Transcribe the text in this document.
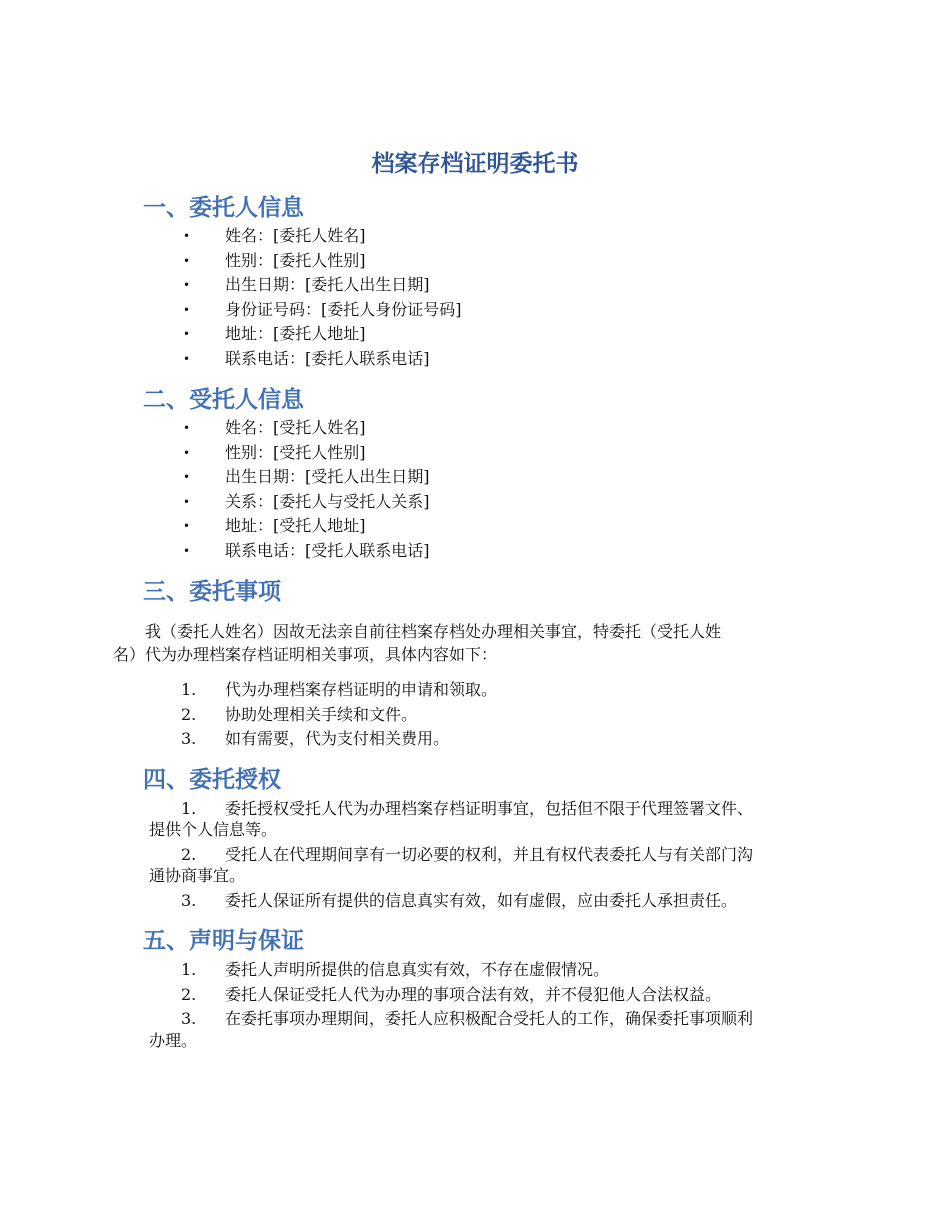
档案存档证明委托书
一、委托人信息
• 姓名：[委托人姓名]
• 性别：[委托人性别]
• 出生日期：[委托人出生日期]
• 身份证号码：[委托人身份证号码]
• 地址：[委托人地址]
• 联系电话：[委托人联系电话]
二、受托人信息
• 姓名：[受托人姓名]
• 性别：[受托人性别]
• 出生日期：[受托人出生日期]
• 关系：[委托人与受托人关系]
• 地址：[受托人地址]
• 联系电话：[受托人联系电话]
三、委托事项
我（委托人姓名）因故无法亲自前往档案存档处办理相关事宜，特委托（受托人姓
名）代为办理档案存档证明相关事项，具体内容如下：
1. 代为办理档案存档证明的申请和领取。
2. 协助处理相关手续和文件。
3. 如有需要，代为支付相关费用。
四、委托授权
1. 委托授权受托人代为办理档案存档证明事宜，包括但不限于代理签署文件、
提供个人信息等。
2. 受托人在代理期间享有一切必要的权利，并且有权代表委托人与有关部门沟
通协商事宜。
3. 委托人保证所有提供的信息真实有效，如有虚假，应由委托人承担责任。
五、声明与保证
1. 委托人声明所提供的信息真实有效，不存在虚假情况。
2. 委托人保证受托人代为办理的事项合法有效，并不侵犯他人合法权益。
3. 在委托事项办理期间，委托人应积极配合受托人的工作，确保委托事项顺利
办理。
